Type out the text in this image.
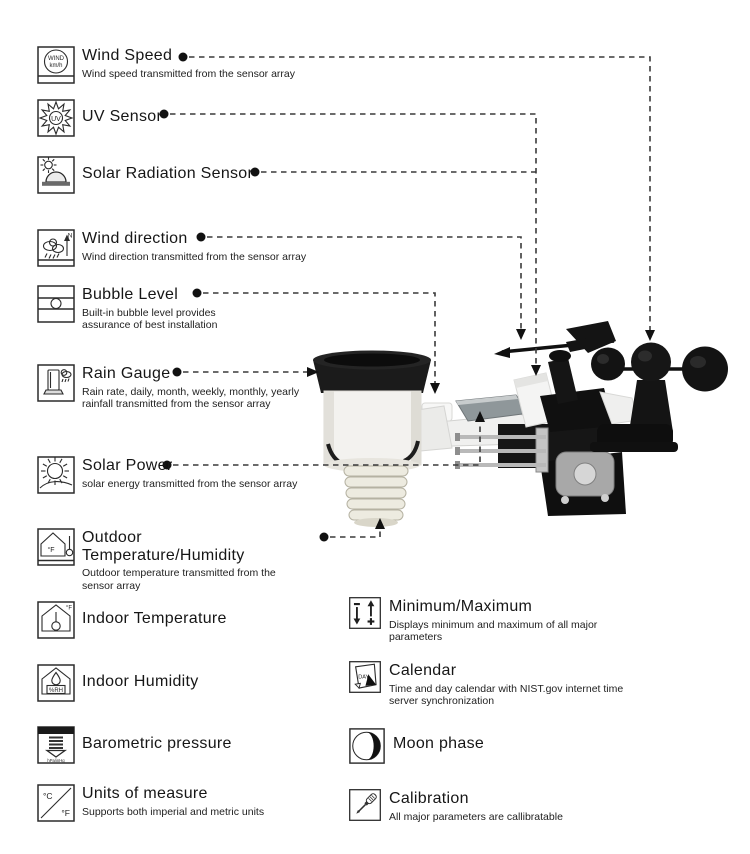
WIND
km/h
Wind Speed
Wind speed transmitted from the sensor array
UV UV Sensor
Solar Radiation Sensor
N Wind direction
Wind direction transmitted from the sensor array
Bubble Level
Built-in bubble level provides assurance of best installation
Rain Gauge
Rain rate, daily, month, weekly, monthly, yearly rainfall transmitted from the sensor array
Solar Power
solar energy transmitted from the sensor array
°F
Outdoor Temperature/Humidity
Outdoor temperature transmitted from the sensor array
°F
Indoor Temperature
%RH
Indoor Humidity
hPa/inHg
Barometric pressure
°C
°F
Units of measure
Supports both imperial and metric units
Minimum/Maximum
Displays minimum and maximum of all major parameters
DAY Calendar
Time and day calendar with NIST.gov internet time server synchronization
Moon phase
Calibration
All major parameters are callibratable
